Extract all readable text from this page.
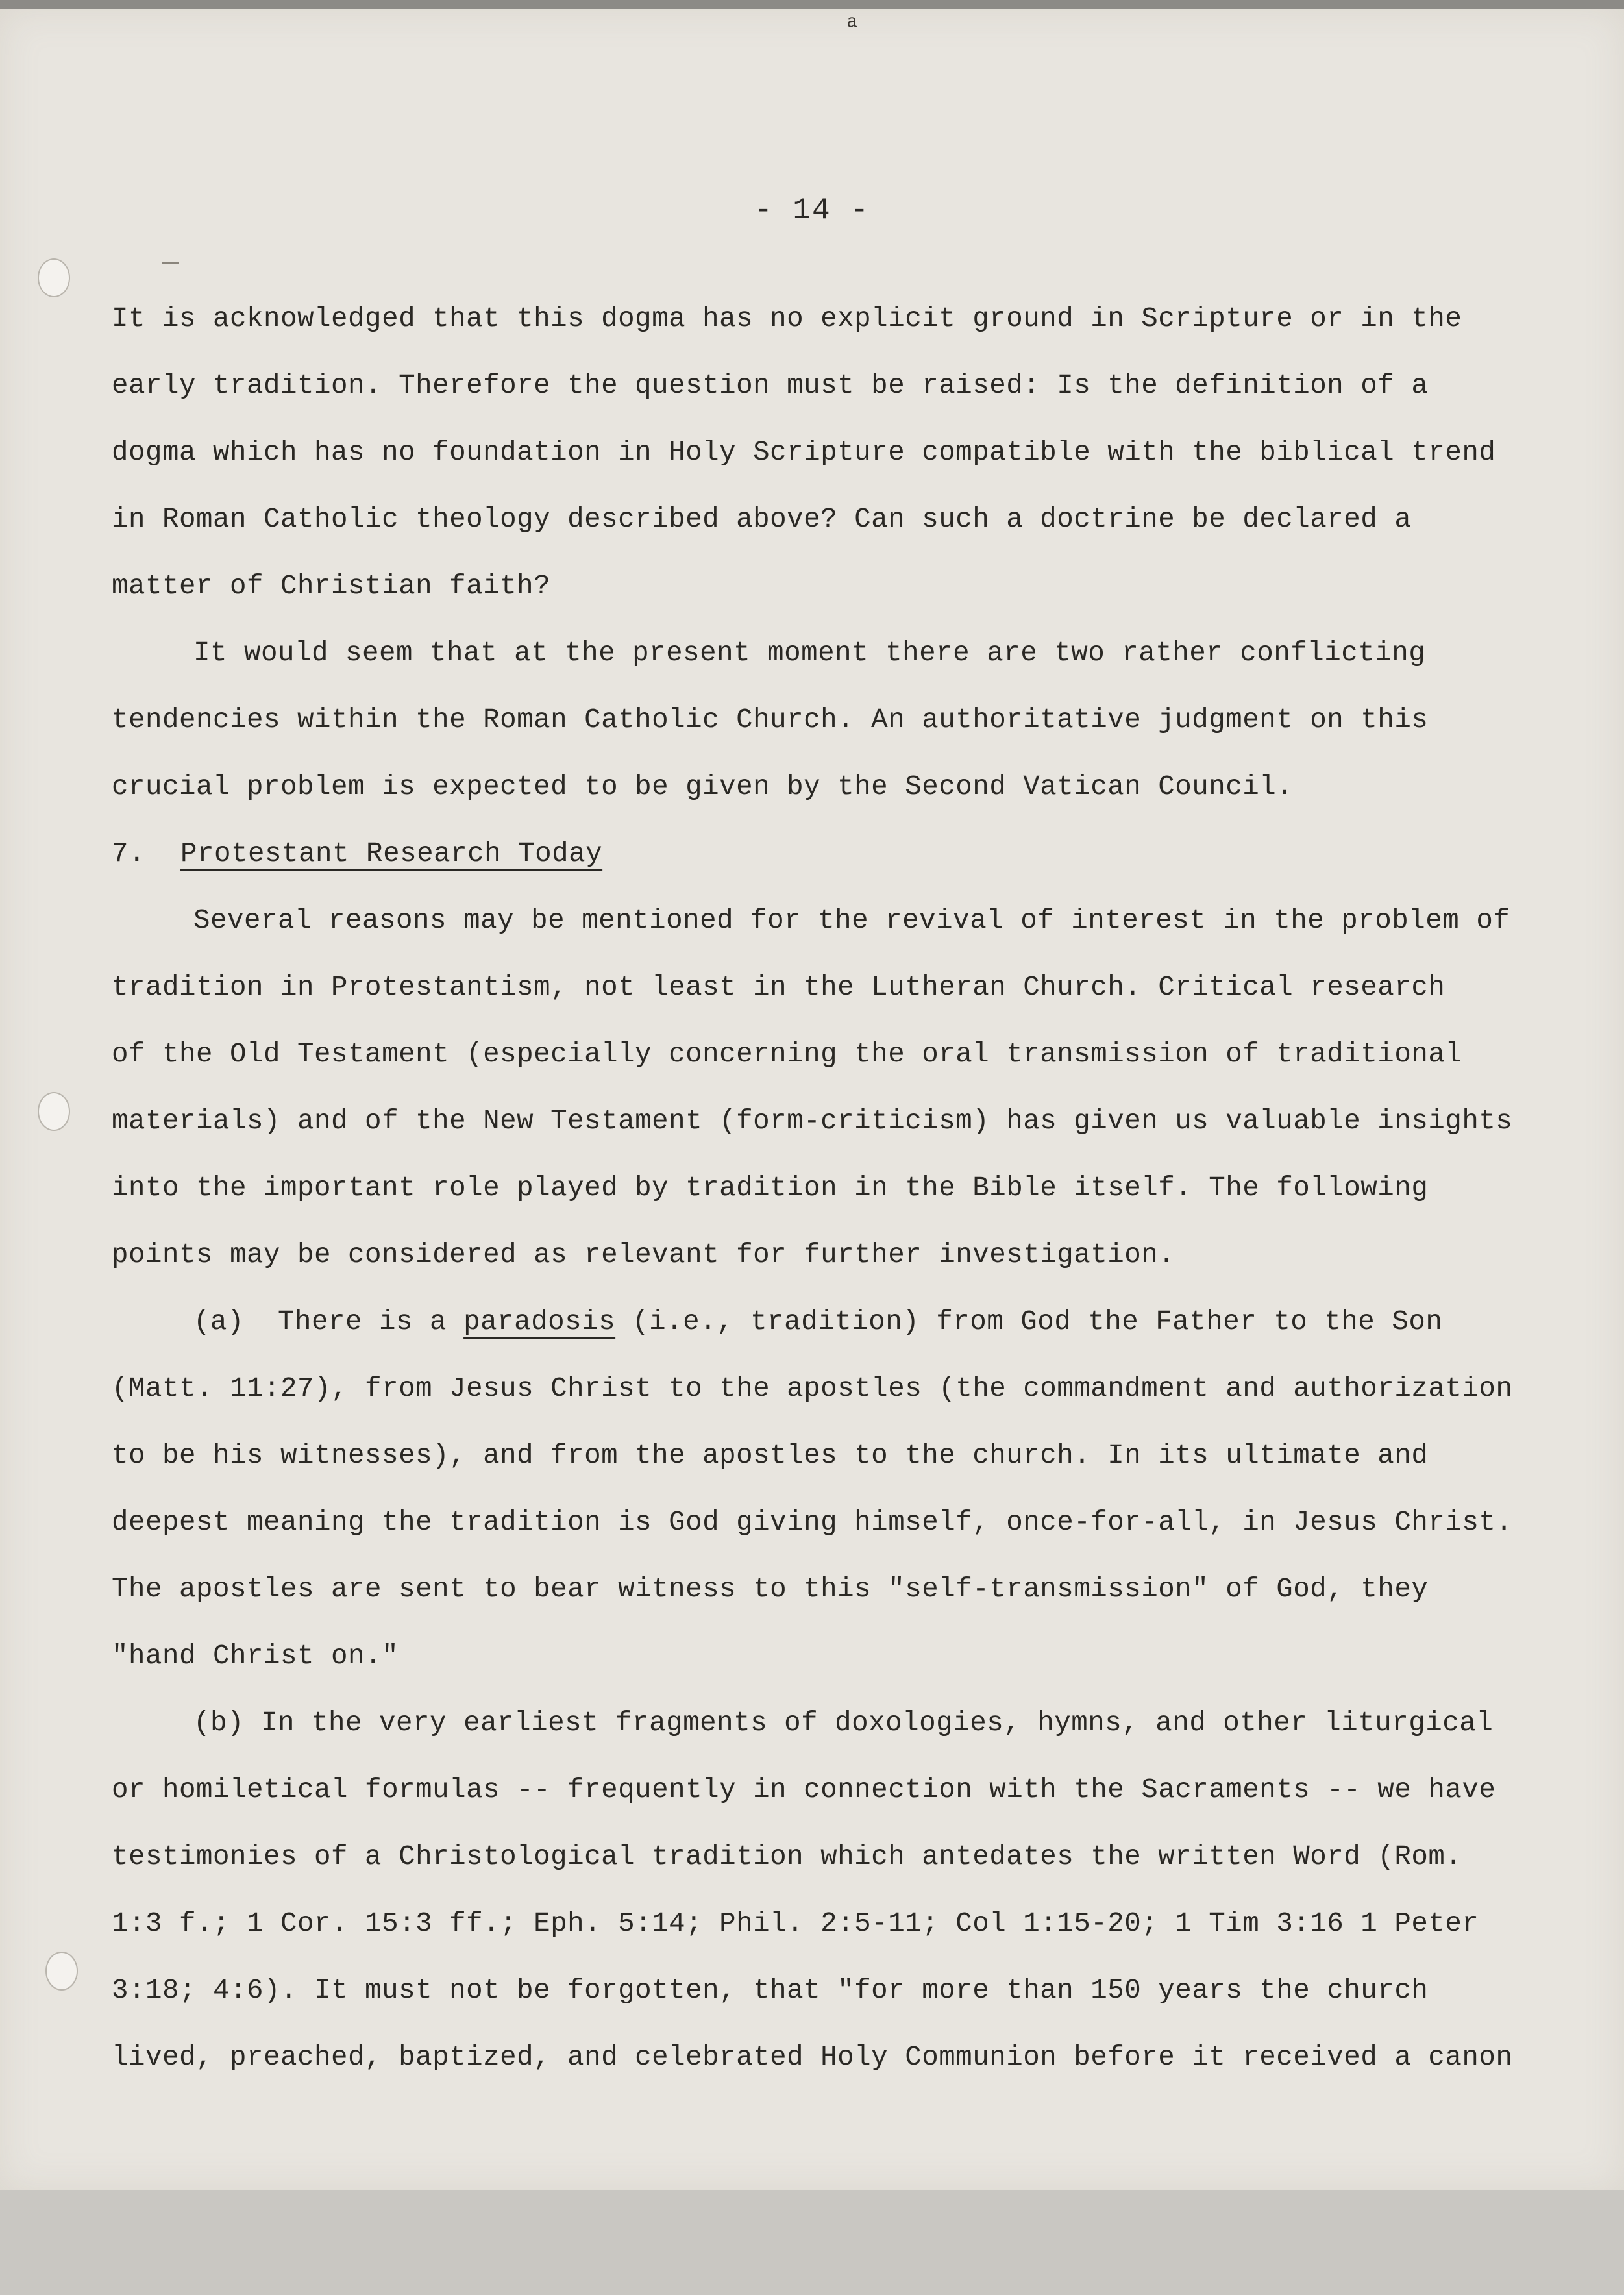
ᵃ
- 14 -

It is acknowledged that this dogma has no explicit ground in Scripture or in the
early tradition. Therefore the question must be raised: Is the definition of a
dogma which has no foundation in Holy Scripture compatible with the biblical trend
in Roman Catholic theology described above? Can such a doctrine be declared a
matter of Christian faith?

It would seem that at the present moment there are two rather conflicting
tendencies within the Roman Catholic Church. An authoritative judgment on this
crucial problem is expected to be given by the Second Vatican Council.

7. Protestant Research Today

Several reasons may be mentioned for the revival of interest in the problem of
tradition in Protestantism, not least in the Lutheran Church. Critical research
of the Old Testament (especially concerning the oral transmission of traditional
materials) and of the New Testament (form-criticism) has given us valuable insights
into the important role played by tradition in the Bible itself. The following
points may be considered as relevant for further investigation.

(a)  There is a paradosis (i.e., tradition) from God the Father to the Son
(Matt. 11:27), from Jesus Christ to the apostles (the commandment and authorization
to be his witnesses), and from the apostles to the church. In its ultimate and
deepest meaning the tradition is God giving himself, once-for-all, in Jesus Christ.
The apostles are sent to bear witness to this "self-transmission" of God, they
"hand Christ on."

(b) In the very earliest fragments of doxologies, hymns, and other liturgical
or homiletical formulas -- frequently in connection with the Sacraments -- we have
testimonies of a Christological tradition which antedates the written Word (Rom.
1:3 f.; 1 Cor. 15:3 ff.; Eph. 5:14; Phil. 2:5-11; Col 1:15-20; 1 Tim 3:16 1 Peter
3:18; 4:6). It must not be forgotten, that "for more than 150 years the church
lived, preached, baptized, and celebrated Holy Communion before it received a canon
